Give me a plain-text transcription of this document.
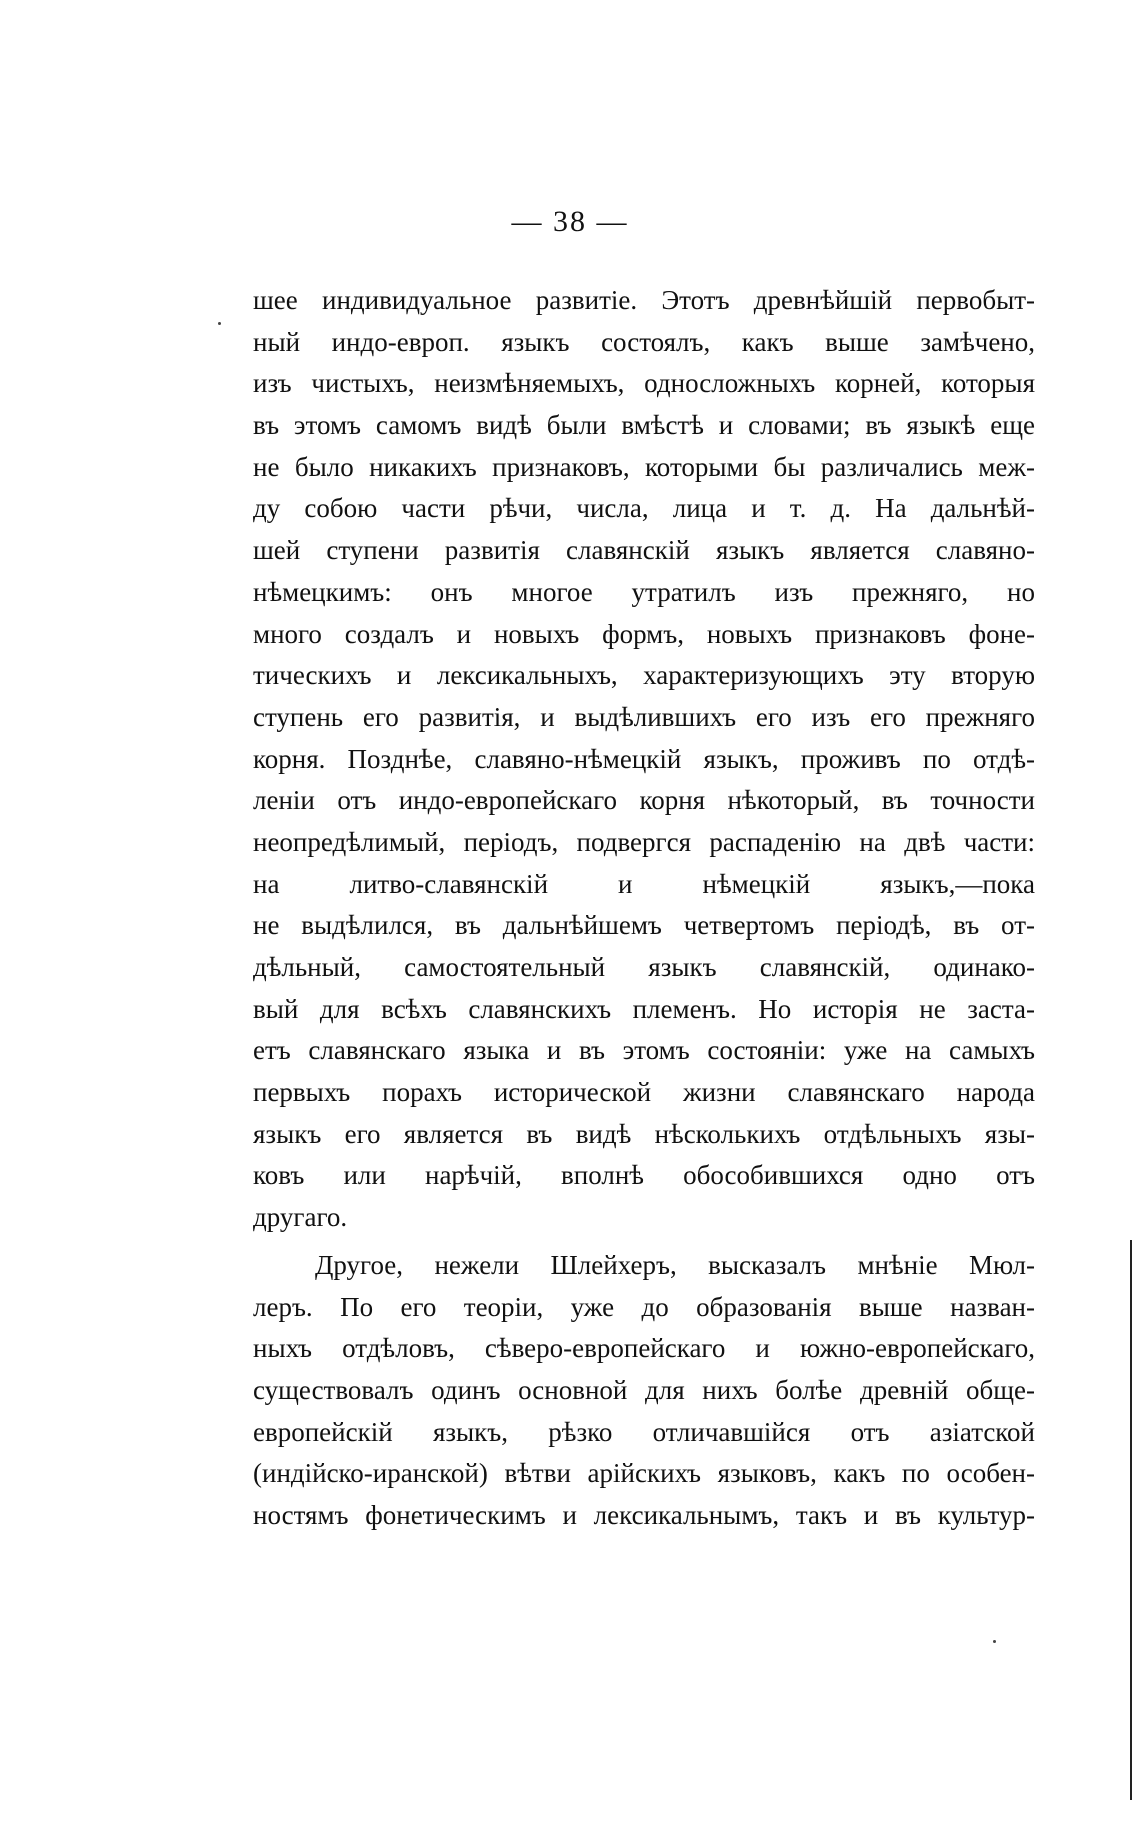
— 38 —
шее индивидуальное развитіе. Этотъ древнѣйшій первобыт-
ный индо-европ. языкъ состоялъ, какъ выше замѣчено,
изъ чистыхъ, неизмѣняемыхъ, односложныхъ корней, которыя
въ этомъ самомъ видѣ были вмѣстѣ и словами; въ языкѣ еще
не было никакихъ признаковъ, которыми бы различались меж-
ду собою части рѣчи, числа, лица и т. д. На дальнѣй-
шей ступени развитія славянскій языкъ является славяно-
нѣмецкимъ: онъ многое утратилъ изъ прежняго, но
много создалъ и новыхъ формъ, новыхъ признаковъ фоне-
тическихъ и лексикальныхъ, характеризующихъ эту вторую
ступень его развитія, и выдѣлившихъ его изъ его прежняго
корня. Позднѣе, славяно-нѣмецкій языкъ, проживъ по отдѣ-
леніи отъ индо-европейскаго корня нѣкоторый, въ точности
неопредѣлимый, періодъ, подвергся распаденію на двѣ части:
на литво-славянскій и нѣмецкій языкъ,—пока
не выдѣлился, въ дальнѣйшемъ четвертомъ періодѣ, въ от-
дѣльный, самостоятельный языкъ славянскій, одинако-
вый для всѣхъ славянскихъ племенъ. Но исторія не заста-
етъ славянскаго языка и въ этомъ состояніи: уже на самыхъ
первыхъ порахъ исторической жизни славянскаго народа
языкъ его является въ видѣ нѣсколькихъ отдѣльныхъ язы-
ковъ или нарѣчій, вполнѣ обособившихся одно отъ
другаго.
Другое, нежели Шлейхеръ, высказалъ мнѣніе Мюл-
леръ. По его теоріи, уже до образованія выше назван-
ныхъ отдѣловъ, сѣверо-европейскаго и южно-европейскаго,
существовалъ одинъ основной для нихъ болѣе древній обще-
европейскій языкъ, рѣзко отличавшійся отъ азіатской
(индійско-иранской) вѣтви арійскихъ языковъ, какъ по особен-
ностямъ фонетическимъ и лексикальнымъ, такъ и въ культур-
